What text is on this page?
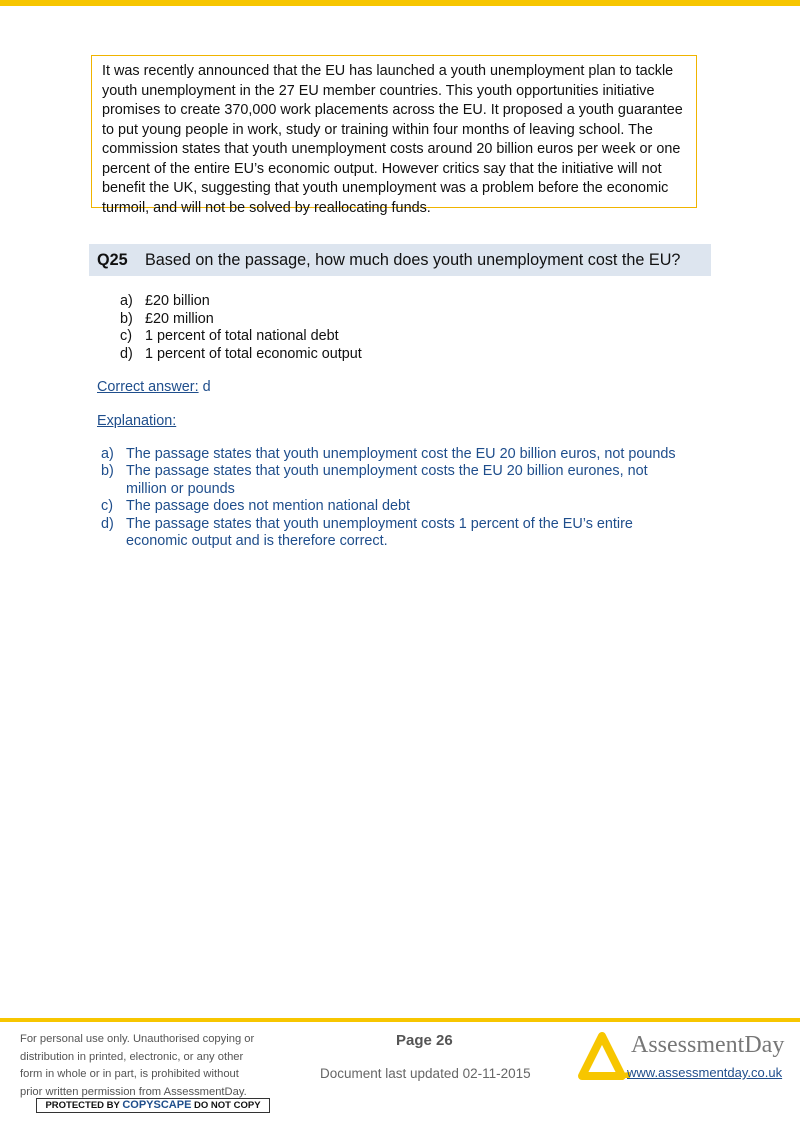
It was recently announced that the EU has launched a youth unemployment plan to tackle
youth unemployment in the 27 EU member countries. This youth opportunities initiative
promises to create 370,000 work placements across the EU. It proposed a youth guarantee
to put young people in work, study or training within four months of leaving school. The
commission states that youth unemployment costs around 20 billion euros per week or one
percent of the entire EU’s economic output. However critics say that the initiative will not
benefit the UK, suggesting that youth unemployment was a problem before the economic
turmoil, and will not be solved by reallocating funds.
Q25	Based on the passage, how much does youth unemployment cost the EU?
a) £20 billion
b) £20 million
c) 1 percent of total national debt
d) 1 percent of total economic output
Correct answer: d
Explanation:
a) The passage states that youth unemployment cost the EU 20 billion euros, not pounds
b) The passage states that youth unemployment costs the EU 20 billion eurones, not million or pounds
c) The passage does not mention national debt
d) The passage states that youth unemployment costs 1 percent of the EU’s entire economic output and is therefore correct.
For personal use only. Unauthorised copying or
distribution in printed, electronic, or any other
form in whole or in part, is prohibited without
prior written permission from AssessmentDay.
PROTECTED BY COPYSCAPE DO NOT COPY
Page 26
Document last updated 02-11-2015
AssessmentDay
www.assessmentday.co.uk
